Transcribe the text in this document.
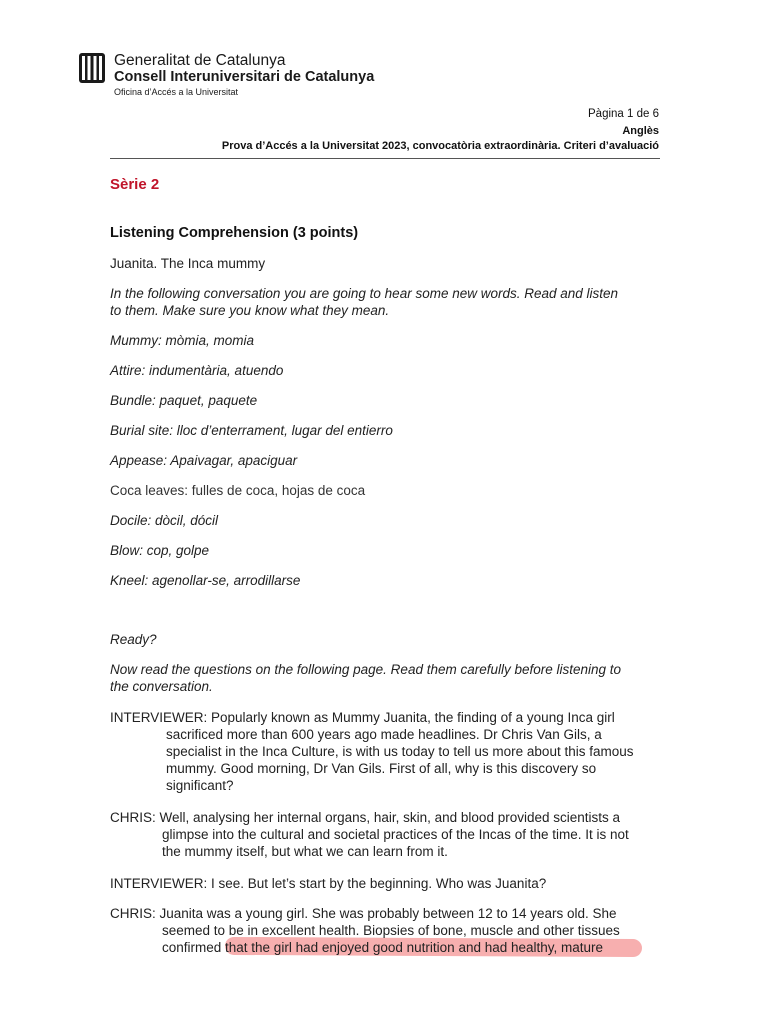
Generalitat de Catalunya
Consell Interuniversitari de Catalunya
Oficina d’Accés a la Universitat
Pàgina 1 de 6
Anglès
Prova d’Accés a la Universitat 2023, convocatòria extraordinària. Criteri d’avaluació
Sèrie 2
Listening Comprehension (3 points)
Juanita. The Inca mummy
In the following conversation you are going to hear some new words. Read and listen
to them. Make sure you know what they mean.
Mummy: mòmia, momia
Attire: indumentària, atuendo
Bundle: paquet, paquete
Burial site: lloc d’enterrament, lugar del entierro
Appease: Apaivagar, apaciguar
Coca leaves: fulles de coca, hojas de coca
Docile: dòcil, dócil
Blow: cop, golpe
Kneel: agenollar-se, arrodillarse
Ready?
Now read the questions on the following page. Read them carefully before listening to
the conversation.
INTERVIEWER: Popularly known as Mummy Juanita, the finding of a young Inca girl
sacrificed more than 600 years ago made headlines. Dr Chris Van Gils, a
specialist in the Inca Culture, is with us today to tell us more about this famous
mummy. Good morning, Dr Van Gils. First of all, why is this discovery so
significant?
CHRIS: Well, analysing her internal organs, hair, skin, and blood provided scientists a
glimpse into the cultural and societal practices of the Incas of the time. It is not
the mummy itself, but what we can learn from it.
INTERVIEWER: I see. But let’s start by the beginning. Who was Juanita?
CHRIS: Juanita was a young girl. She was probably between 12 to 14 years old. She
seemed to be in excellent health. Biopsies of bone, muscle and other tissues
confirmed that the girl had enjoyed good nutrition and had healthy, mature
